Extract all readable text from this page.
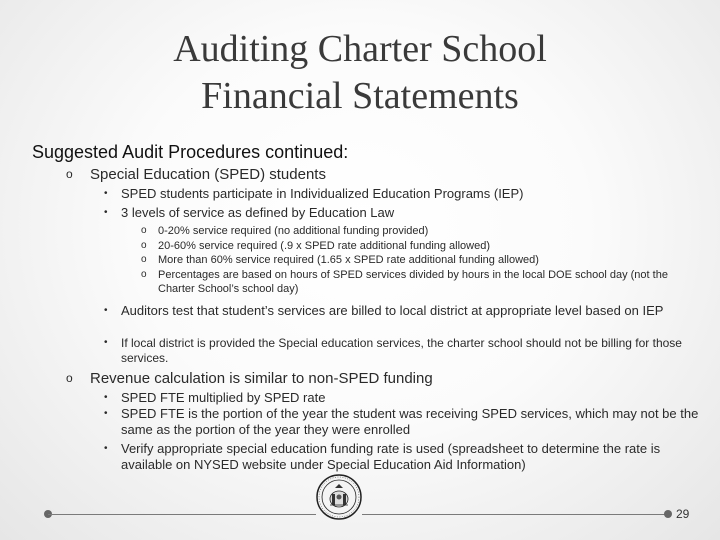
Auditing Charter School
Financial Statements
Suggested Audit Procedures continued:
o Special Education (SPED) students
• SPED students participate in Individualized Education Programs (IEP)
• 3 levels of service as defined by Education Law
o 0-20% service required (no additional funding provided)
o 20-60% service required (.9 x SPED rate additional funding allowed)
o More than 60% service required (1.65 x SPED rate additional funding allowed)
o Percentages are based on hours of SPED services divided by hours in the local DOE school day (not the Charter School’s school day)
• Auditors test that student’s services are billed to local district at appropriate level based on IEP
• If local district is provided the Special education services, the charter school should not be billing for those services.
o Revenue calculation is similar to non-SPED funding
• SPED FTE multiplied by SPED rate
• SPED FTE is the portion of the year the student was receiving SPED services, which may not be the same as the portion of the year they were enrolled
• Verify appropriate special education funding rate is used (spreadsheet to determine the rate is available on NYSED website under Special Education Aid Information)
29
